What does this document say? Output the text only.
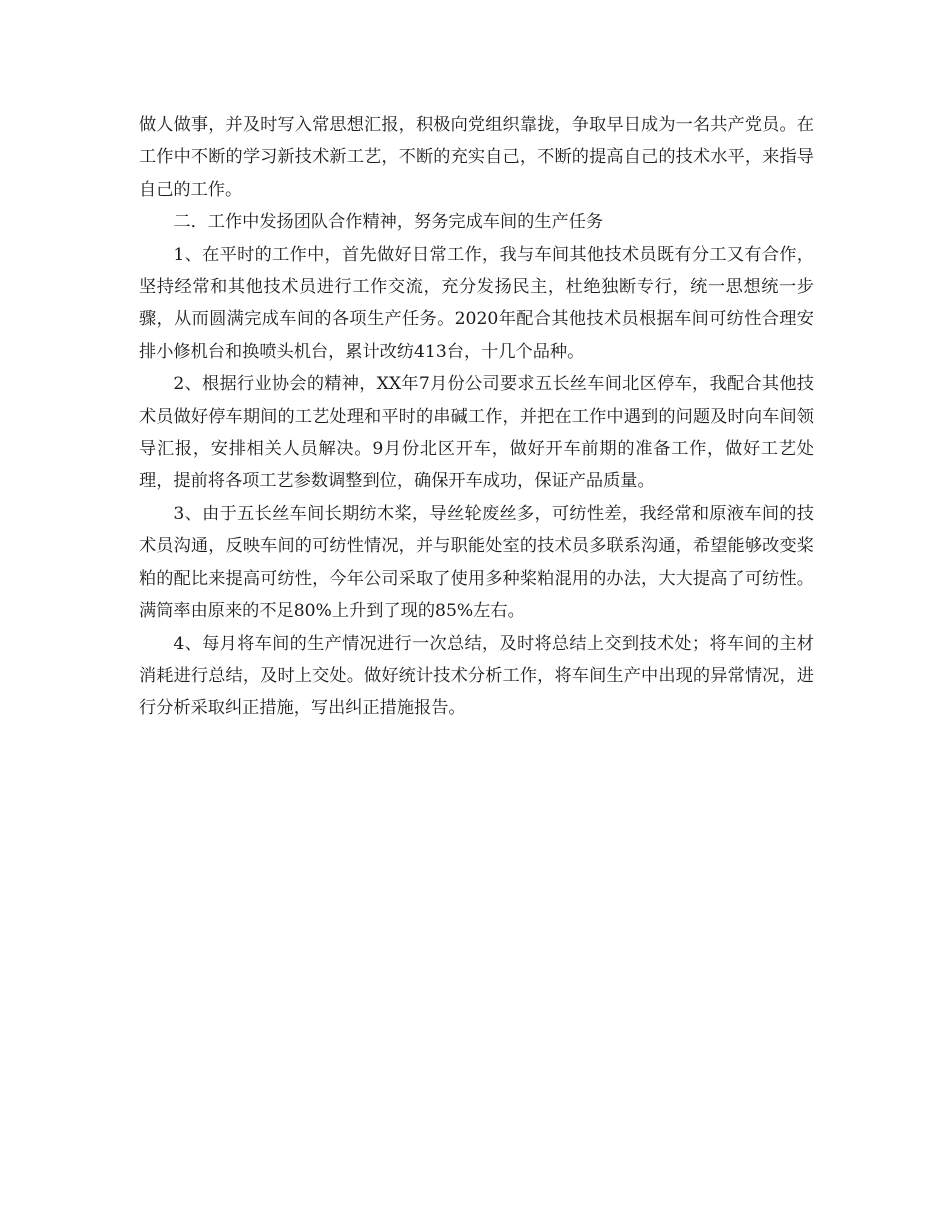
做人做事，并及时写入常思想汇报，积极向党组织靠拢，争取早日成为一名共产党员。在工作中不断的学习新技术新工艺，不断的充实自己，不断的提高自己的技术水平，来指导自己的工作。

二．工作中发扬团队合作精神，努务完成车间的生产任务

1、在平时的工作中，首先做好日常工作，我与车间其他技术员既有分工又有合作，坚持经常和其他技术员进行工作交流，充分发扬民主，杜绝独断专行，统一思想统一步骤，从而圆满完成车间的各项生产任务。2020年配合其他技术员根据车间可纺性合理安排小修机台和换喷头机台，累计改纺413台，十几个品种。

2、根据行业协会的精神，XX年7月份公司要求五长丝车间北区停车，我配合其他技术员做好停车期间的工艺处理和平时的串碱工作，并把在工作中遇到的问题及时向车间领导汇报，安排相关人员解决。9月份北区开车，做好开车前期的准备工作，做好工艺处理，提前将各项工艺参数调整到位，确保开车成功，保证产品质量。

3、由于五长丝车间长期纺木桨，导丝轮废丝多，可纺性差，我经常和原液车间的技术员沟通，反映车间的可纺性情况，并与职能处室的技术员多联系沟通，希望能够改变桨粕的配比来提高可纺性，今年公司采取了使用多种桨粕混用的办法，大大提高了可纺性。满筒率由原来的不足80%上升到了现的85%左右。

4、每月将车间的生产情况进行一次总结，及时将总结上交到技术处；将车间的主材消耗进行总结，及时上交处。做好统计技术分析工作，将车间生产中出现的异常情况，进行分析采取纠正措施，写出纠正措施报告。
